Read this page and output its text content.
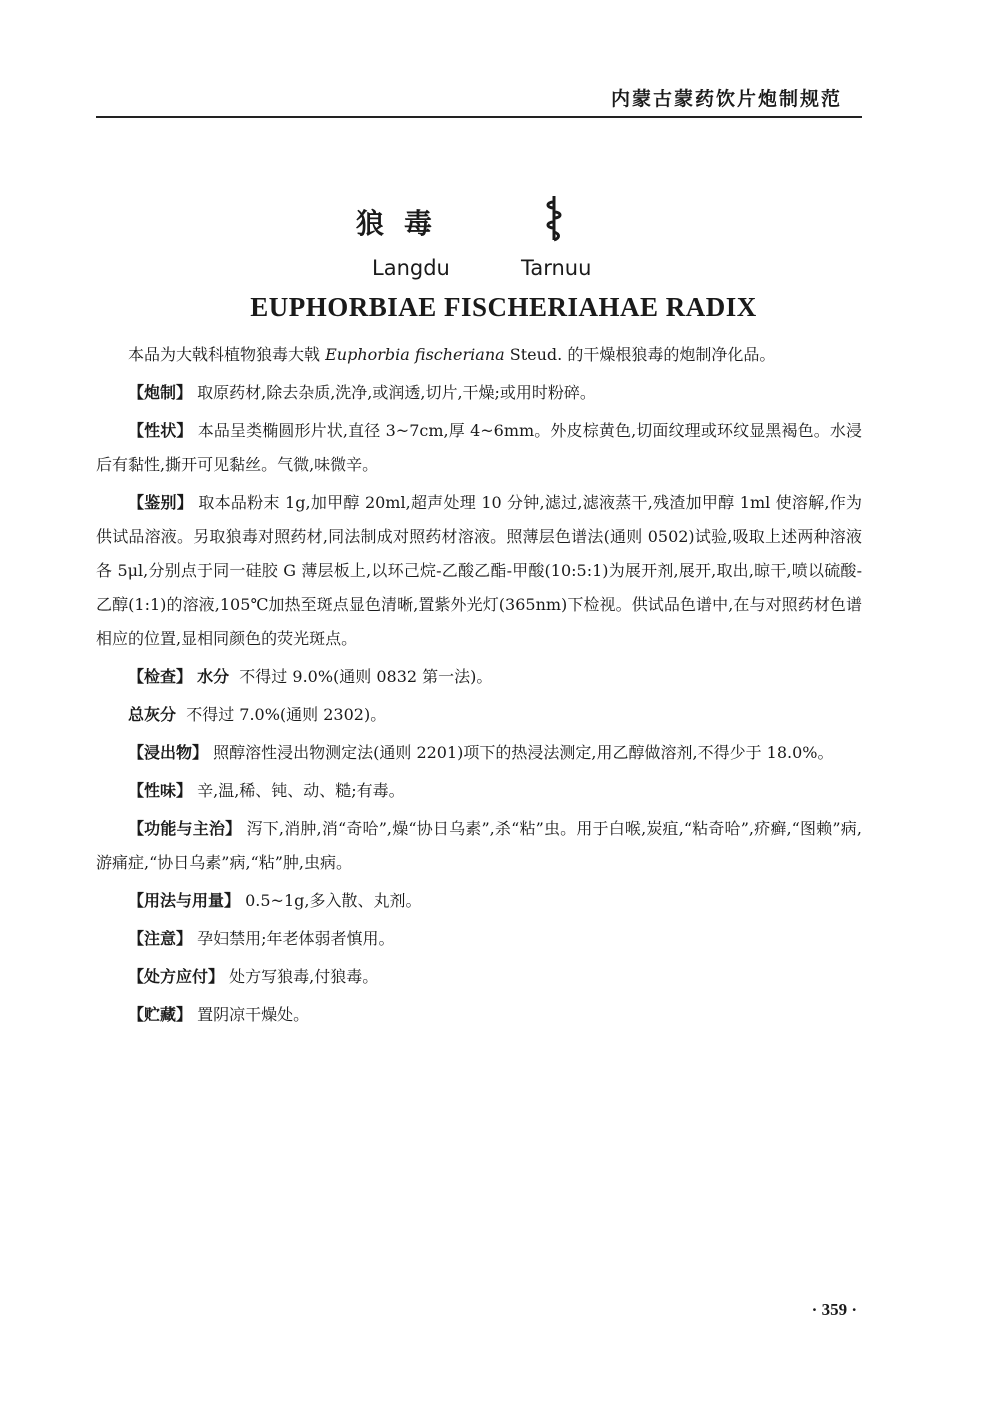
内蒙古蒙药饮片炮制规范
狼毒
Langdu	Tarnuu
EUPHORBIAE FISCHERIAHAE RADIX

本品为大戟科植物狼毒大戟 Euphorbia fischeriana Steud. 的干燥根狼毒的炮制净化品。

【炮制】 取原药材,除去杂质,洗净,或润透,切片,干燥;或用时粉碎。

【性状】 本品呈类椭圆形片状,直径 3~7cm,厚 4~6mm。外皮棕黄色,切面纹理或环纹显黑褐色。水浸后有黏性,撕开可见黏丝。气微,味微辛。

【鉴别】 取本品粉末 1g,加甲醇 20ml,超声处理 10 分钟,滤过,滤液蒸干,残渣加甲醇 1ml 使溶解,作为供试品溶液。另取狼毒对照药材,同法制成对照药材溶液。照薄层色谱法(通则 0502)试验,吸取上述两种溶液各 5μl,分别点于同一硅胶 G 薄层板上,以环己烷-乙酸乙酯-甲酸(10:5:1)为展开剂,展开,取出,晾干,喷以硫酸-乙醇(1:1)的溶液,105℃加热至斑点显色清晰,置紫外光灯(365nm)下检视。供试品色谱中,在与对照药材色谱相应的位置,显相同颜色的荧光斑点。

【检查】 水分 不得过 9.0%(通则 0832 第一法)。

总灰分 不得过 7.0%(通则 2302)。

【浸出物】 照醇溶性浸出物测定法(通则 2201)项下的热浸法测定,用乙醇做溶剂,不得少于 18.0%。

【性味】 辛,温,稀、钝、动、糙;有毒。

【功能与主治】 泻下,消肿,消“奇哈”,燥“协日乌素”,杀“粘”虫。用于白喉,炭疽,“粘奇哈”,疥癣,“图赖”病,游痛症,“协日乌素”病,“粘”肿,虫病。

【用法与用量】 0.5~1g,多入散、丸剂。

【注意】 孕妇禁用;年老体弱者慎用。

【处方应付】 处方写狼毒,付狼毒。

【贮藏】 置阴凉干燥处。

· 359 ·
